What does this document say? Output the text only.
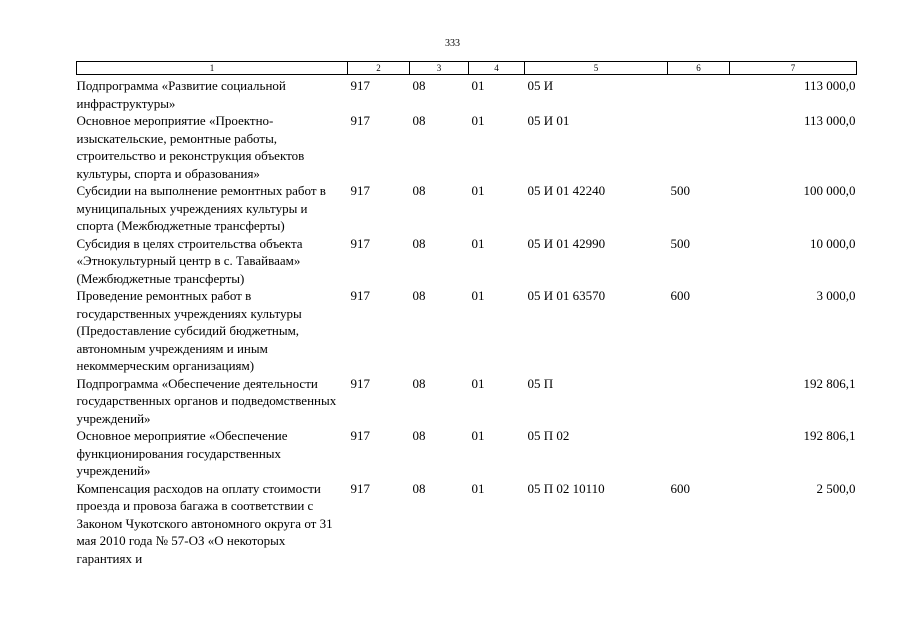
333
1	2	3	4	5	6	7
Подпрограмма «Развитие социальной инфраструктуры»	917	08	01	05 И		113 000,0
Основное мероприятие «Проектно-изыскательские, ремонтные работы, строительство и реконструкция объектов культуры, спорта и образования»	917	08	01	05 И 01		113 000,0
Субсидии на выполнение ремонтных работ в муниципальных учреждениях культуры и спорта (Межбюджетные трансферты)	917	08	01	05 И 01 42240	500	100 000,0
Субсидия в целях строительства объекта «Этнокультурный центр в с. Тавайваам» (Межбюджетные трансферты)	917	08	01	05 И 01 42990	500	10 000,0
Проведение ремонтных работ в государственных учреждениях культуры (Предоставление субсидий бюджетным, автономным учреждениям и иным некоммерческим организациям)	917	08	01	05 И 01 63570	600	3 000,0
Подпрограмма «Обеспечение деятельности государственных органов и подведомственных учреждений»	917	08	01	05 П		192 806,1
Основное мероприятие «Обеспечение функционирования государственных учреждений»	917	08	01	05 П 02		192 806,1
Компенсация расходов на оплату стоимости проезда и провоза багажа в соответствии с Законом Чукотского автономного округа от 31 мая 2010 года № 57-ОЗ «О некоторых гарантиях и	917	08	01	05 П 02 10110	600	2 500,0
